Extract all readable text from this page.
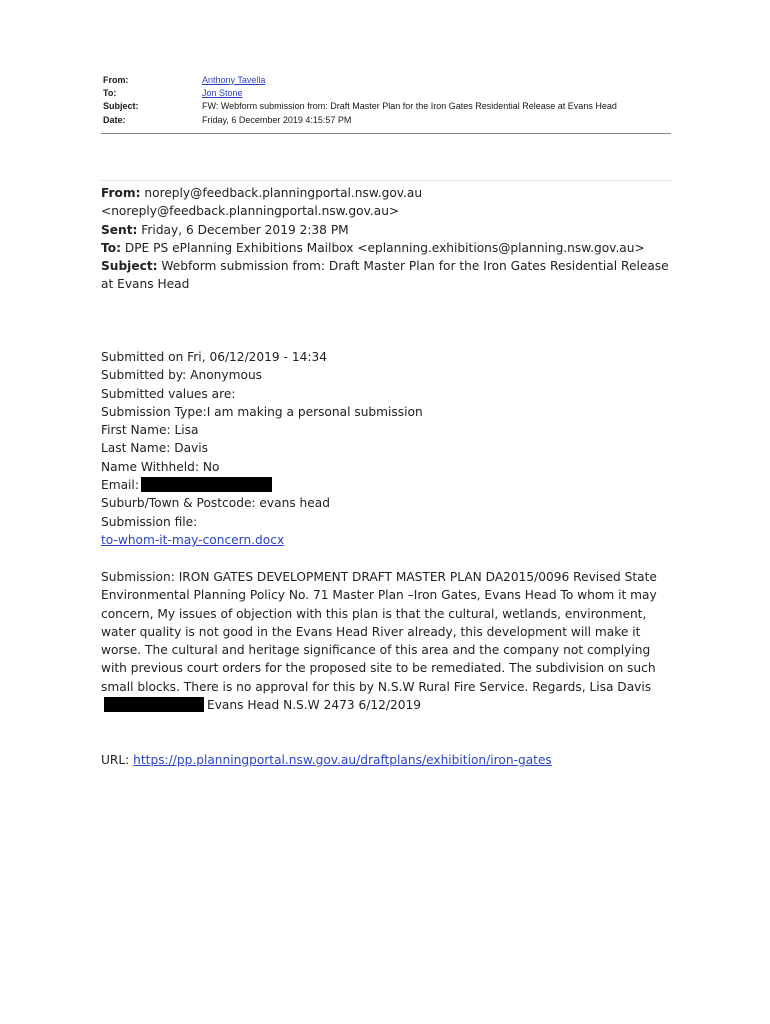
From:	Anthony Tavella
To:	Jon Stone
Subject:	FW: Webform submission from: Draft Master Plan for the Iron Gates Residential Release at Evans Head
Date:	Friday, 6 December 2019 4:15:57 PM
From: noreply@feedback.planningportal.nsw.gov.au
<noreply@feedback.planningportal.nsw.gov.au>
Sent: Friday, 6 December 2019 2:38 PM
To: DPE PS ePlanning Exhibitions Mailbox <eplanning.exhibitions@planning.nsw.gov.au>
Subject: Webform submission from: Draft Master Plan for the Iron Gates Residential Release at Evans Head
Submitted on Fri, 06/12/2019 - 14:34
Submitted by: Anonymous
Submitted values are:
Submission Type:I am making a personal submission
First Name: Lisa
Last Name: Davis
Name Withheld: No
Email:
Suburb/Town & Postcode: evans head
Submission file:
to-whom-it-may-concern.docx
Submission: IRON GATES DEVELOPMENT DRAFT MASTER PLAN DA2015/0096 Revised State Environmental Planning Policy No. 71 Master Plan –Iron Gates, Evans Head To whom it may concern, My issues of objection with this plan is that the cultural, wetlands, environment, water quality is not good in the Evans Head River already, this development will make it worse. The cultural and heritage significance of this area and the company not complying with previous court orders for the proposed site to be remediated. The subdivision on such small blocks. There is no approval for this by N.S.W Rural Fire Service. Regards, Lisa DavisEvans Head N.S.W 2473 6/12/2019
URL: https://pp.planningportal.nsw.gov.au/draftplans/exhibition/iron-gates
